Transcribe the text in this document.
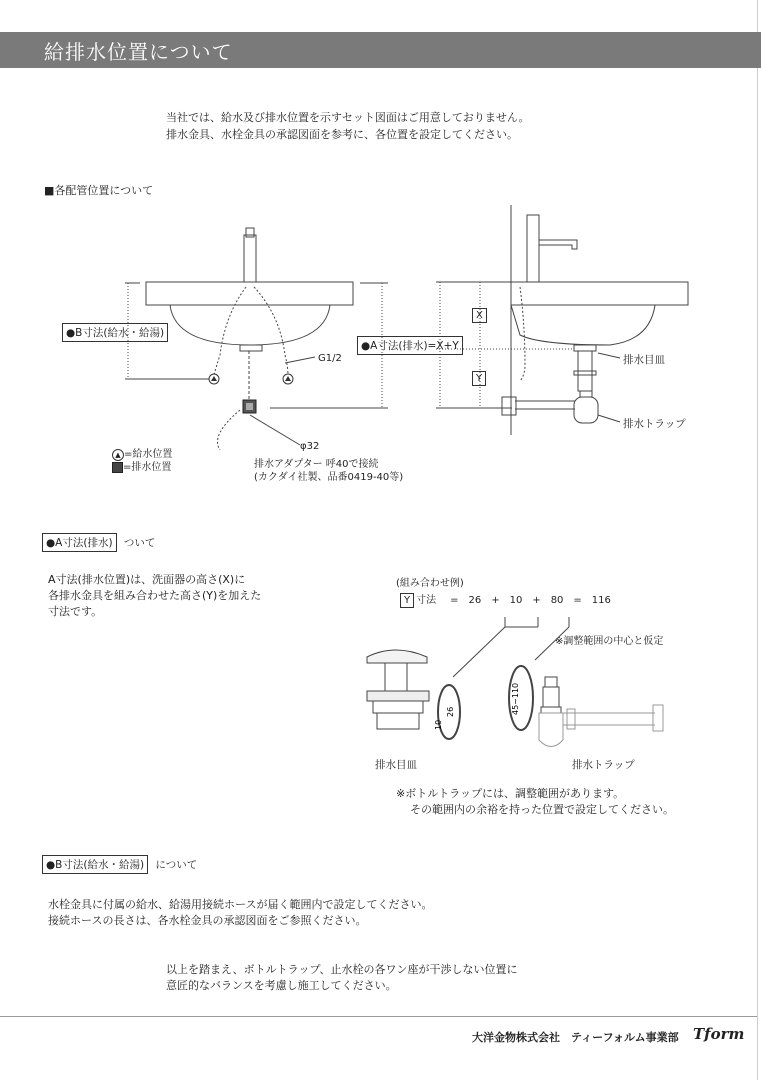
給排水位置について
当社では、給水及び排水位置を示すセット図面はご用意しておりません。
排水金具、水栓金具の承認図面を参考に、各位置を設定してください。
■各配管位置について
●B寸法(給水・給湯)
●A寸法(排水)=X+Y
G1/2
X
Y
排水目皿
排水トラップ
▲ =給水位置
=排水位置
φ32
排水アダプター 呼40で接続
(カクダイ社製、品番0419-40等)
●A寸法(排水) ついて
A寸法(排水位置)は、洗面器の高さ(X)に
各排水金具を組み合わせた高さ(Y)を加えた
寸法です。
(組み合わせ例)
Y 寸法 =　26　+　10　+　80　=　116
※調整範囲の中心と仮定
10
26	45~110
排水目皿	排水トラップ
※ボトルトラップには、調整範囲があります。
その範囲内の余裕を持った位置で設定してください。
●B寸法(給水・給湯) について
水栓金具に付属の給水、給湯用接続ホースが届く範囲内で設定してください。
接続ホースの長さは、各水栓金具の承認図面をご参照ください。
以上を踏まえ、ボトルトラップ、止水栓の各ワン座が干渉しない位置に
意匠的なバランスを考慮し施工してください。
大洋金物株式会社　ティーフォルム事業部 Tform
